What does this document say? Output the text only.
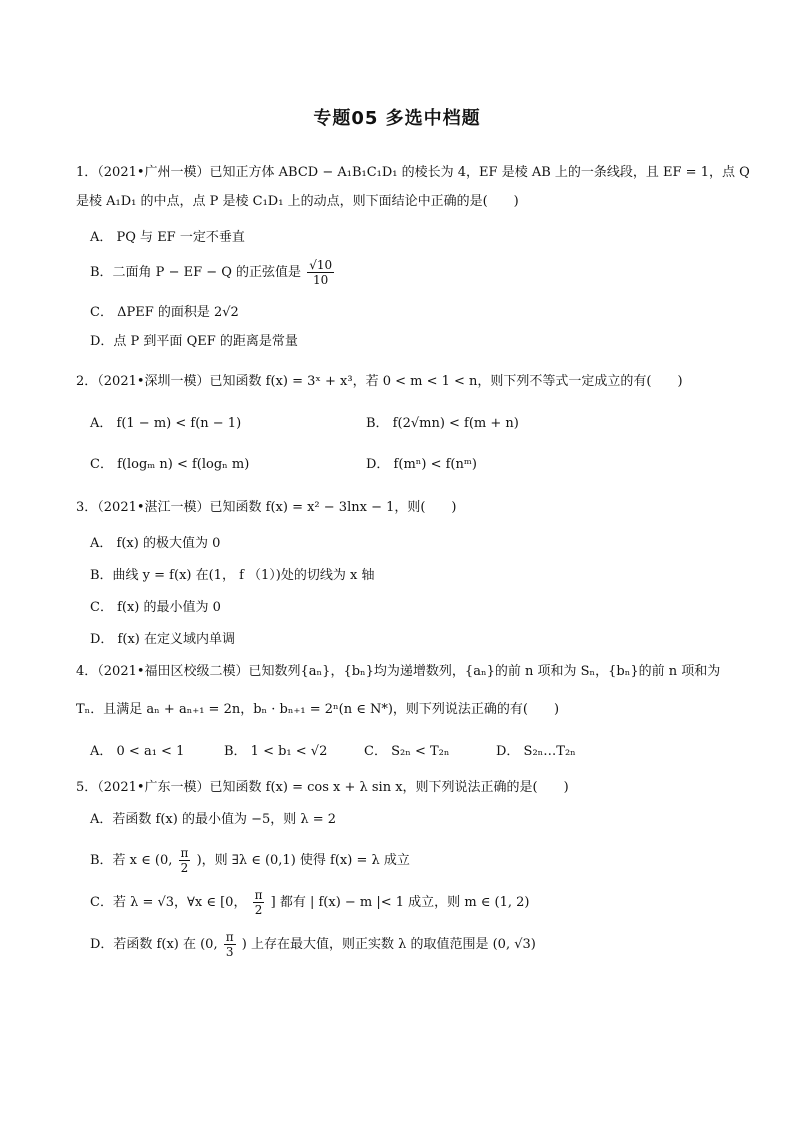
专题05 多选中档题
1．（2021•广州一模）已知正方体 ABCD − A₁B₁C₁D₁ 的棱长为 4，EF 是棱 AB 上的一条线段，且 EF = 1，点 Q
是棱 A₁D₁ 的中点，点 P 是棱 C₁D₁ 上的动点，则下面结论中正确的是(　　)
A． PQ 与 EF 一定不垂直
B．二面角 P − EF − Q 的正弦值是 $\frac{√10}{10}$
C． ΔPEF 的面积是 2√2
D．点 P 到平面 QEF 的距离是常量
2．（2021•深圳一模）已知函数 f(x) = 3ˣ + x³，若 0 < m < 1 < n，则下列不等式一定成立的有(　　)
A． f(1 − m) < f(n − 1)	B． f(2√mn) < f(m + n)
C． f(logₘ n) < f(logₙ m)	D． f(mⁿ) < f(nᵐ)
3．（2021•湛江一模）已知函数 f(x) = x² − 3lnx − 1，则(　　)
A． f(x) 的极大值为 0
B．曲线 y = f(x) 在(1， f （1）)处的切线为 x 轴
C． f(x) 的最小值为 0
D． f(x) 在定义域内单调
4．（2021•福田区校级二模）已知数列{aₙ}，{bₙ}均为递增数列，{aₙ}的前 n 项和为 Sₙ，{bₙ}的前 n 项和为
Tₙ．且满足 aₙ + aₙ₊₁ = 2n，bₙ · bₙ₊₁ = 2ⁿ(n ∈ N*)，则下列说法正确的有(　　)
A． 0 < a₁ < 1	B． 1 < b₁ < √2	C． S₂ₙ < T₂ₙ	D． S₂ₙ…T₂ₙ
5．（2021•广东一模）已知函数 f(x) = cos x + λ sin x，则下列说法正确的是(　　)
A．若函数 f(x) 的最小值为 −5，则 λ = 2
B．若 x ∈ (0, $\frac{\pi}{2}$ )，则 ∃λ ∈ (0,1) 使得 f(x) = λ 成立
C．若 λ = √3，∀x ∈ [0， $\frac{\pi}{2}$ ] 都有 | f(x) − m |< 1 成立，则 m ∈ (1, 2)
D．若函数 f(x) 在 (0, $\frac{\pi}{3}$ ) 上存在最大值，则正实数 λ 的取值范围是 (0, √3)
